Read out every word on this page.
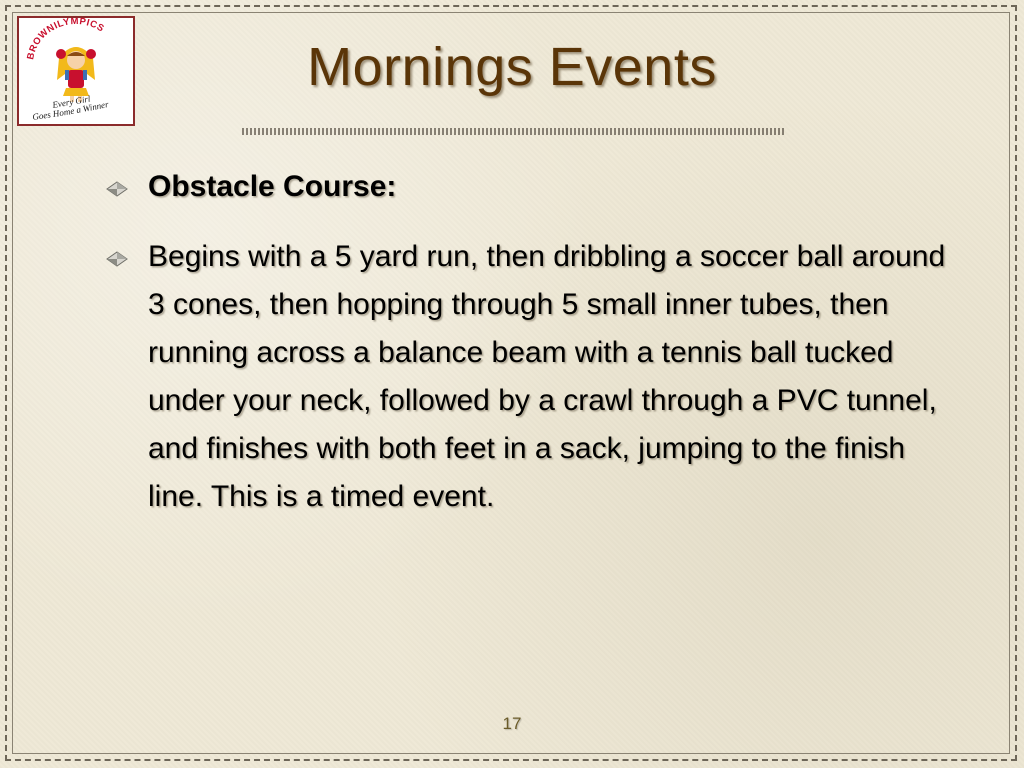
BROWNILYMPICS
Every Girl
Goes Home a Winner
Mornings Events
Obstacle Course:
Begins with a 5 yard run, then dribbling a soccer ball around 3 cones, then hopping through 5 small inner tubes, then running across a balance beam with a tennis ball tucked under your neck, followed by a crawl through a PVC tunnel, and finishes with both feet in a sack, jumping to the finish line. This is a timed event.
17
